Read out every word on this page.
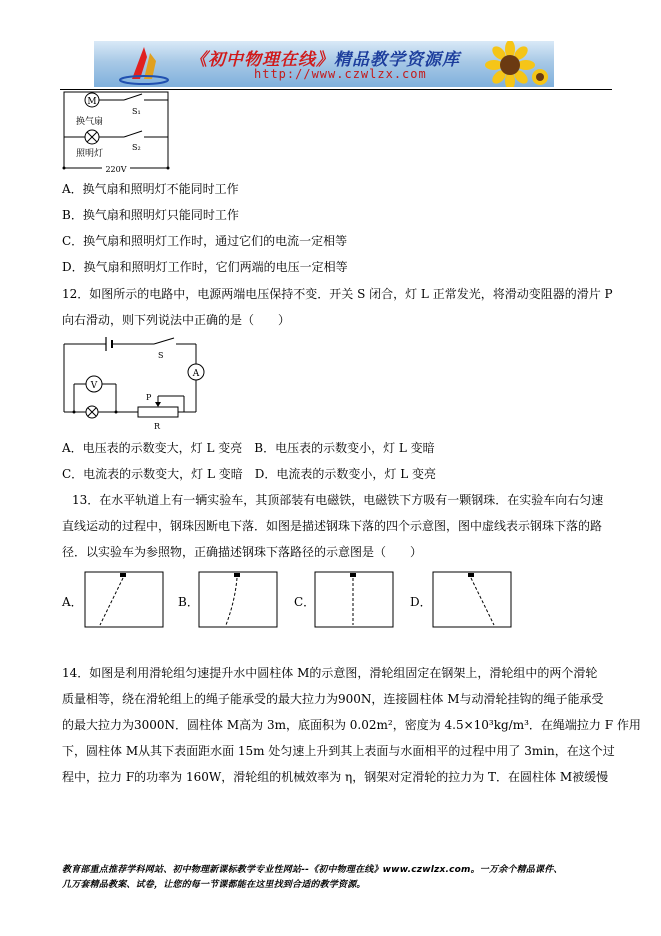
《初中物理在线》精品教学资源库
http://www.czwlzx.com
M
S₁
换气扇
S₂
照明灯
220V
A．换气扇和照明灯不能同时工作
B．换气扇和照明灯只能同时工作
C．换气扇和照明灯工作时，通过它们的电流一定相等
D．换气扇和照明灯工作时，它们两端的电压一定相等
12．如图所示的电路中，电源两端电压保持不变．开关 S 闭合，灯 L 正常发光，将滑动变阻器的滑片 P
向右滑动，则下列说法中正确的是（　　）
S
A
V
P
R
A．电压表的示数变大，灯 L 变亮　B．电压表的示数变小，灯 L 变暗
C．电流表的示数变大，灯 L 变暗　D．电流表的示数变小，灯 L 变亮
13．在水平轨道上有一辆实验车，其顶部装有电磁铁，电磁铁下方吸有一颗钢珠．在实验车向右匀速
直线运动的过程中，钢珠因断电下落．如图是描述钢珠下落的四个示意图，图中虚线表示钢珠下落的路
径．以实验车为参照物，正确描述钢珠下落路径的示意图是（　　）
A．	B．	C．	D．
14．如图是利用滑轮组匀速提升水中圆柱体 M的示意图，滑轮组固定在钢架上，滑轮组中的两个滑轮
质量相等，绕在滑轮组上的绳子能承受的最大拉力为900N，连接圆柱体 M与动滑轮挂钩的绳子能承受
的最大拉力为3000N．圆柱体 M高为 3m，底面积为 0.02m²，密度为 4.5×10³kg/m³．在绳端拉力 F 作用
下，圆柱体 M从其下表面距水面 15m 处匀速上升到其上表面与水面相平的过程中用了 3min，在这个过
程中，拉力 F的功率为 160W，滑轮组的机械效率为 η，钢架对定滑轮的拉力为 T．在圆柱体 M被缓慢
教育部重点推荐学科网站、初中物理新课标教学专业性网站--《初中物理在线》www.czwlzx.com。一万余个精品课件、
几万套精品教案、试卷，让您的每一节课都能在这里找到合适的教学资源。
